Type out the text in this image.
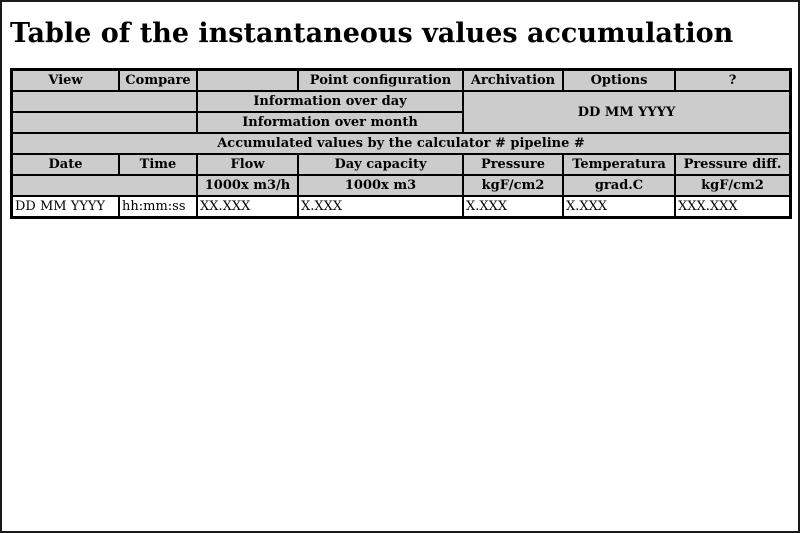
Table of the instantaneous values accumulation
View	Compare		Point configuration	Archivation	Options	?
		Information over day		DD MM YYYY		
		Information over month				
Accumulated values by the calculator # pipeline #						
Date	Time	Flow	Day capacity	Pressure	Temperatura	Pressure diff.
		1000x m3/h	1000x m3	kgF/cm2	grad.C	kgF/cm2
DD MM YYYY	hh:mm:ss	XX.XXX	X.XXX	X.XXX	X.XXX	XXX.XXX
